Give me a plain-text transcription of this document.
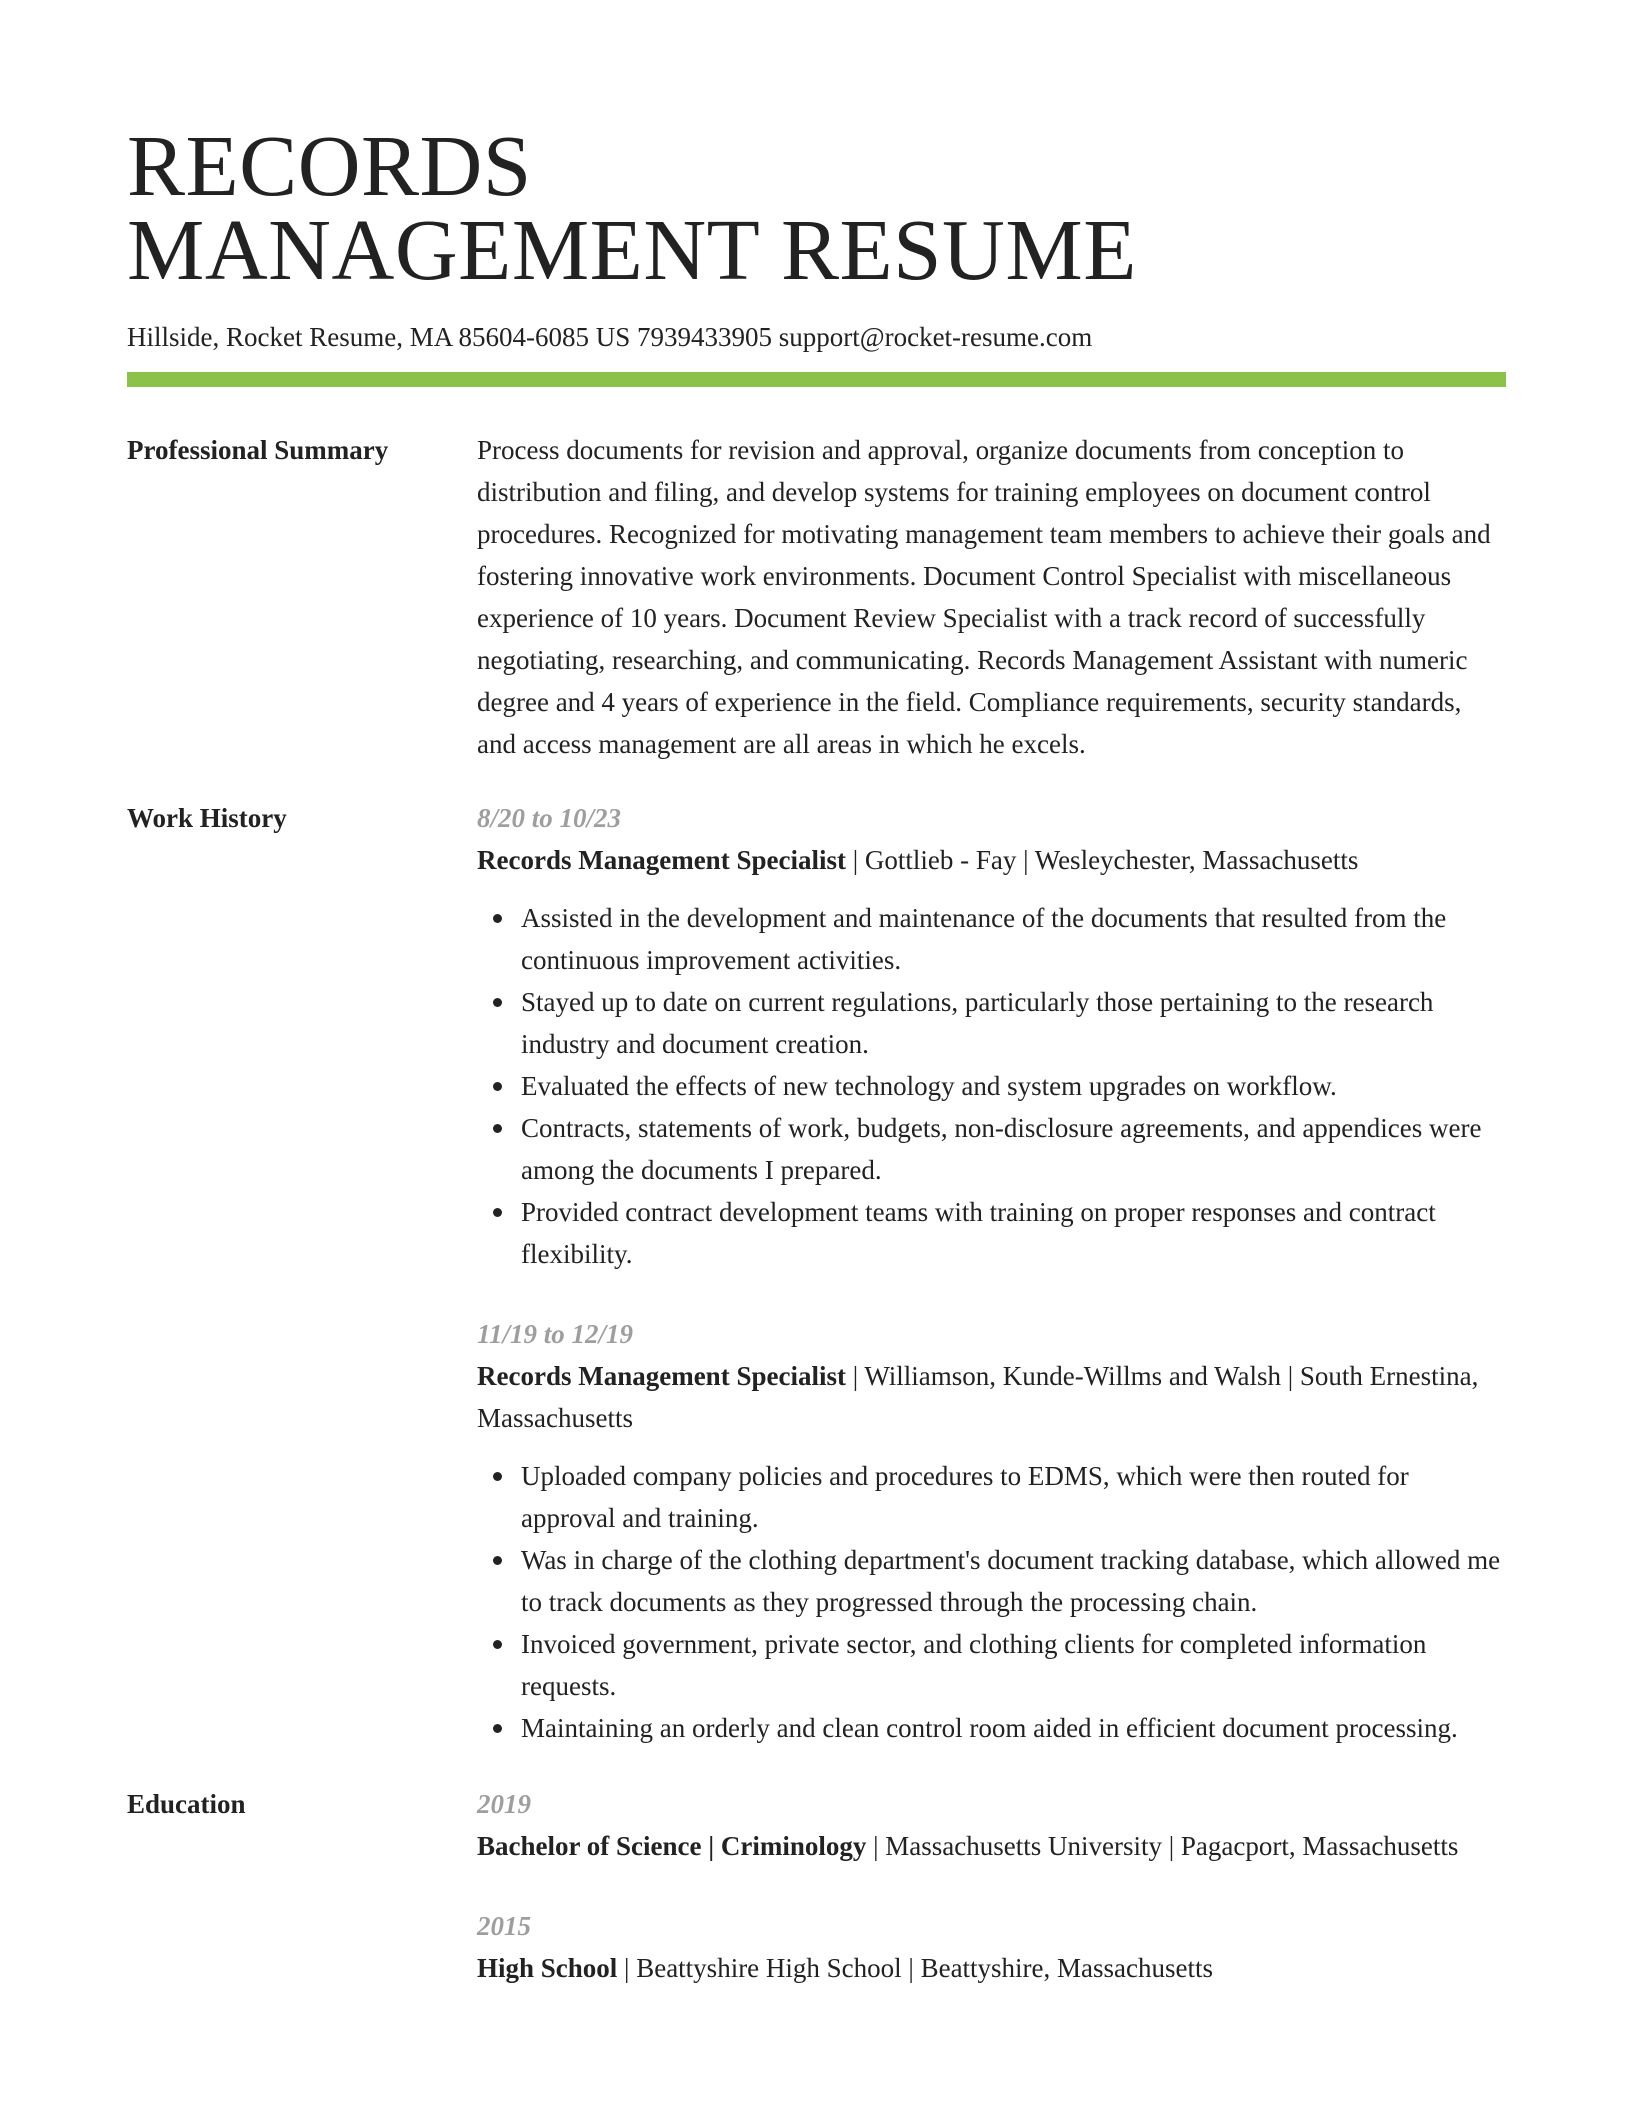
RECORDS
MANAGEMENT RESUME
Hillside, Rocket Resume, MA 85604-6085 US 7939433905 support@rocket-resume.com
Professional Summary	Process documents for revision and approval, organize documents from conception to distribution and filing, and develop systems for training employees on document control procedures. Recognized for motivating management team members to achieve their goals and fostering innovative work environments. Document Control Specialist with miscellaneous experience of 10 years. Document Review Specialist with a track record of successfully negotiating, researching, and communicating. Records Management Assistant with numeric degree and 4 years of experience in the field. Compliance requirements, security standards, and access management are all areas in which he excels.
Work History	8/20 to 10/23
Records Management Specialist | Gottlieb - Fay | Wesleychester, Massachusetts
Assisted in the development and maintenance of the documents that resulted from the continuous improvement activities.
Stayed up to date on current regulations, particularly those pertaining to the research industry and document creation.
Evaluated the effects of new technology and system upgrades on workflow.
Contracts, statements of work, budgets, non-disclosure agreements, and appendices were among the documents I prepared.
Provided contract development teams with training on proper responses and contract flexibility.
11/19 to 12/19
Records Management Specialist | Williamson, Kunde-Willms and Walsh | South Ernestina, Massachusetts
Uploaded company policies and procedures to EDMS, which were then routed for approval and training.
Was in charge of the clothing department's document tracking database, which allowed me to track documents as they progressed through the processing chain.
Invoiced government, private sector, and clothing clients for completed information requests.
Maintaining an orderly and clean control room aided in efficient document processing.
Education	2019
Bachelor of Science | Criminology | Massachusetts University | Pagacport, Massachusetts
2015
High School | Beattyshire High School | Beattyshire, Massachusetts
